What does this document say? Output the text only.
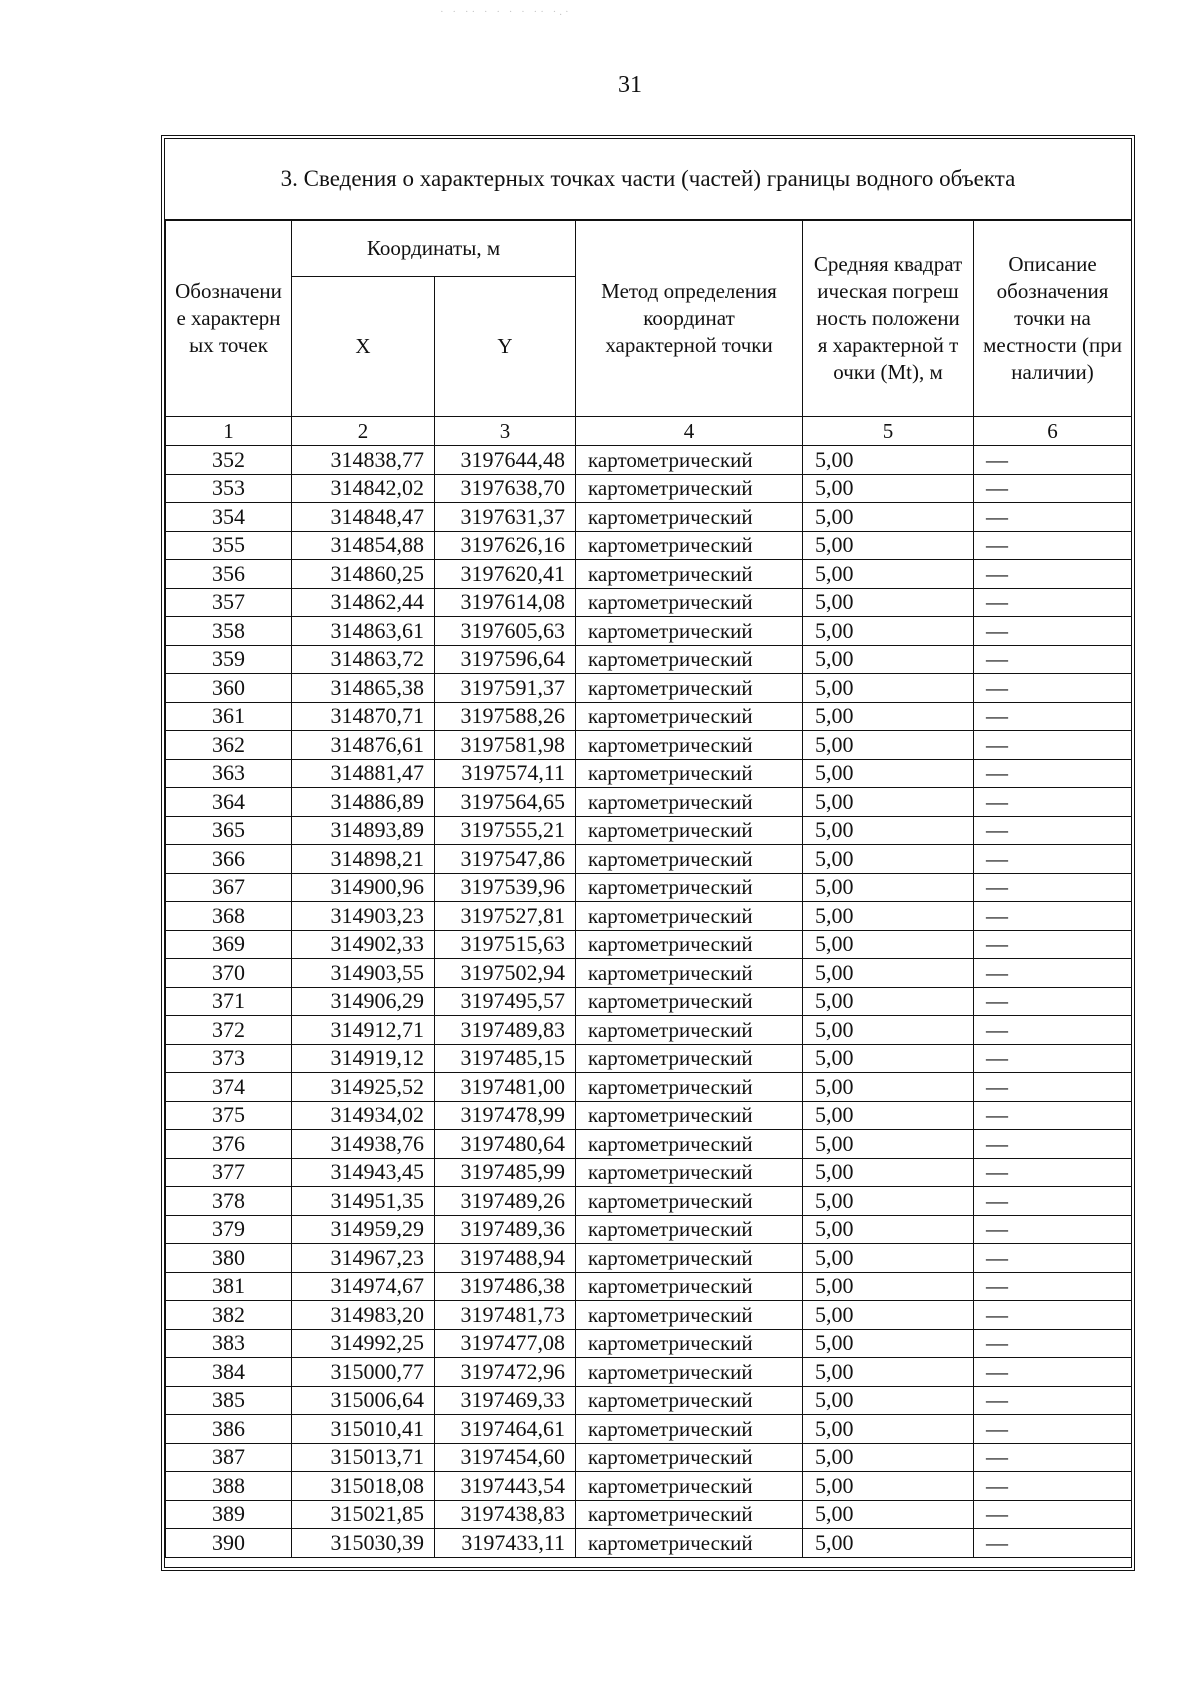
· · ·· · · · · ·· ·.·
31
3. Сведения о характерных точках части (частей) границы водного объекта
Обозначение характерных точек	Координаты, м		Метод определения координат характерной точки	Средняя квадратическая погрешность положения характерной точки (Mt), м	Описание обозначения точки на местности (при наличии)

	X	Y			
1	2	3	4	5	6
352	314838,77	3197644,48	картометрический	5,00	—
353	314842,02	3197638,70	картометрический	5,00	—
354	314848,47	3197631,37	картометрический	5,00	—
355	314854,88	3197626,16	картометрический	5,00	—
356	314860,25	3197620,41	картометрический	5,00	—
357	314862,44	3197614,08	картометрический	5,00	—
358	314863,61	3197605,63	картометрический	5,00	—
359	314863,72	3197596,64	картометрический	5,00	—
360	314865,38	3197591,37	картометрический	5,00	—
361	314870,71	3197588,26	картометрический	5,00	—
362	314876,61	3197581,98	картометрический	5,00	—
363	314881,47	3197574,11	картометрический	5,00	—
364	314886,89	3197564,65	картометрический	5,00	—
365	314893,89	3197555,21	картометрический	5,00	—
366	314898,21	3197547,86	картометрический	5,00	—
367	314900,96	3197539,96	картометрический	5,00	—
368	314903,23	3197527,81	картометрический	5,00	—
369	314902,33	3197515,63	картометрический	5,00	—
370	314903,55	3197502,94	картометрический	5,00	—
371	314906,29	3197495,57	картометрический	5,00	—
372	314912,71	3197489,83	картометрический	5,00	—
373	314919,12	3197485,15	картометрический	5,00	—
374	314925,52	3197481,00	картометрический	5,00	—
375	314934,02	3197478,99	картометрический	5,00	—
376	314938,76	3197480,64	картометрический	5,00	—
377	314943,45	3197485,99	картометрический	5,00	—
378	314951,35	3197489,26	картометрический	5,00	—
379	314959,29	3197489,36	картометрический	5,00	—
380	314967,23	3197488,94	картометрический	5,00	—
381	314974,67	3197486,38	картометрический	5,00	—
382	314983,20	3197481,73	картометрический	5,00	—
383	314992,25	3197477,08	картометрический	5,00	—
384	315000,77	3197472,96	картометрический	5,00	—
385	315006,64	3197469,33	картометрический	5,00	—
386	315010,41	3197464,61	картометрический	5,00	—
387	315013,71	3197454,60	картометрический	5,00	—
388	315018,08	3197443,54	картометрический	5,00	—
389	315021,85	3197438,83	картометрический	5,00	—
390	315030,39	3197433,11	картометрический	5,00	—
